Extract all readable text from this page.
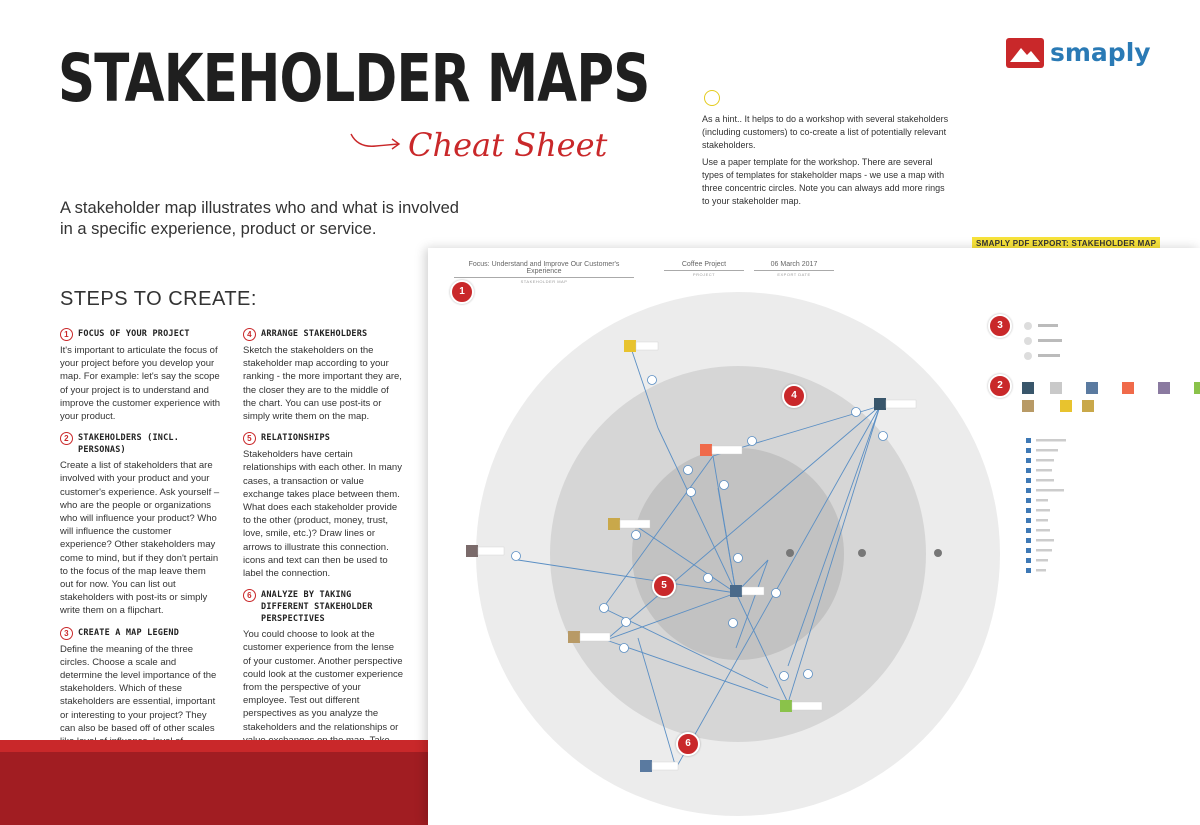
STAKEHOLDER MAPS
Cheat Sheet
A stakeholder map illustrates who and what is involved in a specific experience, product or service.
smaply

As a hint.. It helps to do a workshop with several stakeholders (including customers) to co-create a list of potentially relevant stakeholders.

Use a paper template for the workshop. There are several types of templates for stakeholder maps - we use a map with three concentric circles. Note you can always add more rings to your stakeholder map.

SMAPLY PDF EXPORT: STAKEHOLDER MAP
STEPS TO CREATE:
1	FOCUS OF YOUR PROJECT
It's important to articulate the focus of your project before you develop your map. For example: let's say the scope of your project is to understand and improve the customer experience with your product.
2	STAKEHOLDERS (INCL. PERSONAS)
Create a list of stakeholders that are involved with your product and your customer's experience. Ask yourself – who are the people or organizations who will influence your product? Who will influence the customer experience? Other stakeholders may come to mind, but if they don't pertain to the focus of the map leave them out for now. You can list out stakeholders with post-its or simply write them on a flipchart.
3	CREATE A MAP LEGEND
Define the meaning of the three circles. Choose a scale and determine the level importance of the stakeholders. Which of these stakeholders are essential, important or interesting to your project? They can also be based off of other scales
4	ARRANGE STAKEHOLDERS
Sketch the stakeholders on the stakeholder map according to your ranking - the more important they are, the closer they are to the middle of the chart. You can use post-its or simply write them on the map.
5	RELATIONSHIPS
Stakeholders have certain relationships with each other. In many cases, a transaction or value exchange takes place between them. What does each stakeholder provide to the other (product, money, trust, love, smile, etc.)? Draw lines or arrows to illustrate this connection. icons and text can then be used to label the connection.
6	ANALYZE BY TAKING DIFFERENT STAKEHOLDER PERSPECTIVES
You could choose to look at the customer experience from the lense of your customer. Another perspective could look at the customer experience from the perspective of your employee. Test out different perspectives as you analyze the stakeholders and the relationships or
Focus: Understand and Improve Our Customer's Experience
STAKEHOLDER MAP
Coffee Project
PROJECT
06 March 2017
EXPORT DATE
1
2
3
4
5
6
